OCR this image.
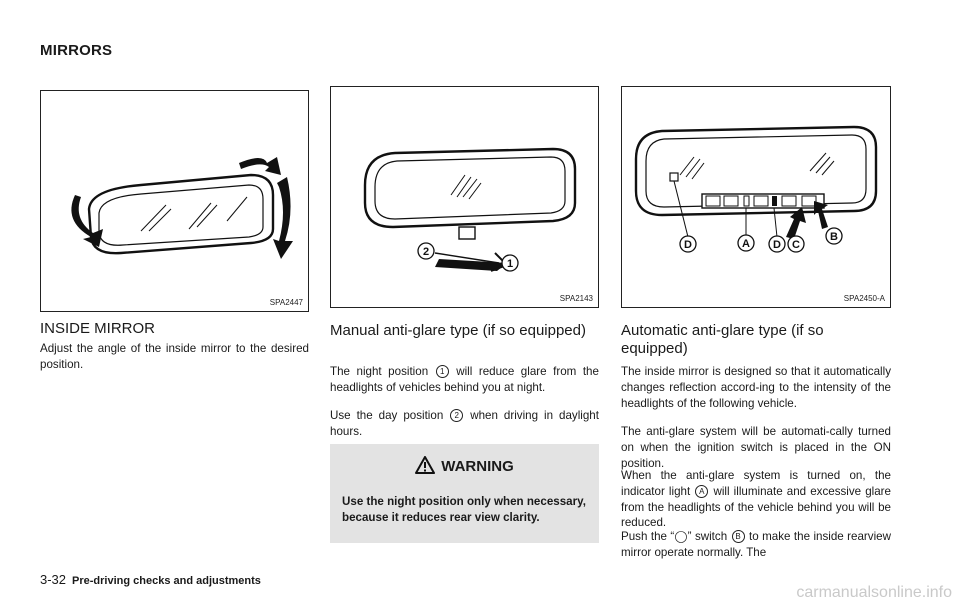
MIRRORS
SPA2447
2
1
SPA2143
D	A D C
B
SPA2450-A
INSIDE MIRROR

Adjust the angle of the inside mirror to the desired position.

Manual anti-glare type (if so equipped)

The night position 1 will reduce glare from the headlights of vehicles behind you at night.

Use the day position 2 when driving in daylight hours.

WARNING

Use the night position only when necessary, because it reduces rear view clarity.

Automatic anti-glare type (if so equipped)

The inside mirror is designed so that it automatically changes reflection accord-ing to the intensity of the headlights of the following vehicle.

The anti-glare system will be automati-cally turned on when the ignition switch is placed in the ON position.

When the anti-glare system is turned on, the indicator light A will illuminate and excessive glare from the headlights of the vehicle behind you will be reduced.

Push the “◯” switch B to make the inside rearview mirror operate normally. The

3-32 Pre-driving checks and adjustments
carmanualsonline.info
